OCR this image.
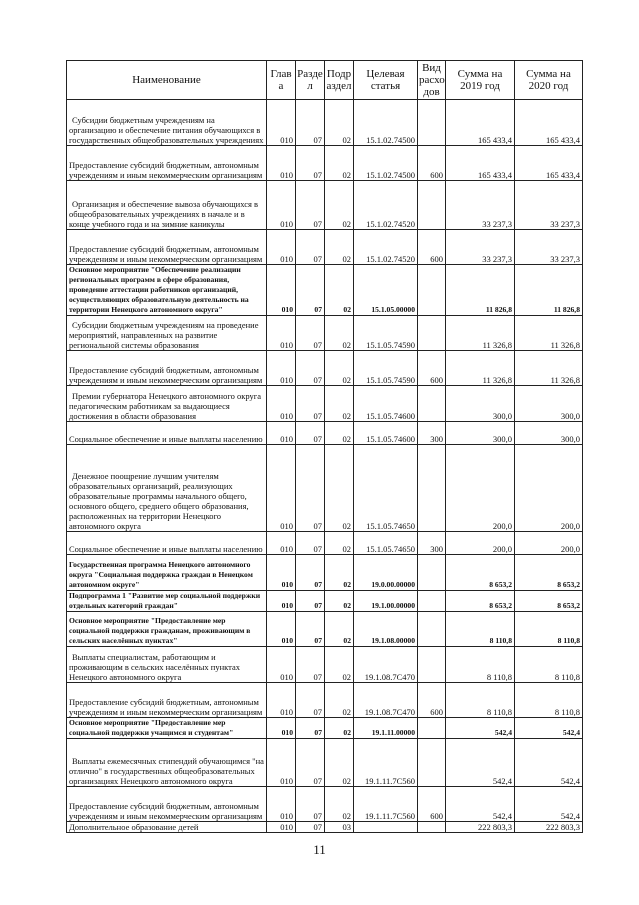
Наименование	Глав а	Разде л	Подр аздел	Целевая статья	Вид расхо дов	Сумма на 2019 год	Сумма на 2020 год

Субсидии бюджетным учреждениям на организацию и обеспечение питания обучающихся в государственных общеобразовательных учреждениях	010	07	02	15.1.02.74500		165 433,4	165 433,4
Предоставление субсидий бюджетным, автономным учреждениям и иным некоммерческим организациям	010	07	02	15.1.02.74500	600	165 433,4	165 433,4

Организация и обеспечение вывоза обучающихся в общеобразовательных учреждениях в начале и в конце учебного года и на зимние каникулы	010	07	02	15.1.02.74520		33 237,3	33 237,3
Предоставление субсидий бюджетным, автономным учреждениям и иным некоммерческим организациям	010	07	02	15.1.02.74520	600	33 237,3	33 237,3
Основное мероприятие "Обеспечение реализации региональных программ в сфере образования, проведение аттестации работников организаций, осуществляющих образовательную деятельность на территории Ненецкого автономного округа"	010	07	02	15.1.05.00000		11 826,8	11 826,8

Субсидии бюджетным учреждениям на проведение мероприятий, направленных на развитие региональной системы образования	010	07	02	15.1.05.74590		11 326,8	11 326,8
Предоставление субсидий бюджетным, автономным учреждениям и иным некоммерческим организациям	010	07	02	15.1.05.74590	600	11 326,8	11 326,8

Премии губернатора Ненецкого автономного округа педагогическим работникам за выдающиеся достижения в области образования	010	07	02	15.1.05.74600		300,0	300,0
Социальное обеспечение и иные выплаты населению	010	07	02	15.1.05.74600	300	300,0	300,0

Денежное поощрение лучшим учителям образовательных организаций, реализующих образовательные программы начального общего, основного общего, среднего общего образования, расположенных на территории Ненецкого автономного округа	010	07	02	15.1.05.74650		200,0	200,0
Социальное обеспечение и иные выплаты населению	010	07	02	15.1.05.74650	300	200,0	200,0
Государственная программа Ненецкого автономного округа "Социальная поддержка граждан в Ненецком автономном округе"	010	07	02	19.0.00.00000		8 653,2	8 653,2
Подпрограмма 1 "Развитие мер социальной поддержки отдельных категорий граждан"	010	07	02	19.1.00.00000		8 653,2	8 653,2
Основное мероприятие "Предоставление мер социальной поддержки гражданам, проживающим в сельских населённых пунктах"	010	07	02	19.1.08.00000		8 110,8	8 110,8

Выплаты специалистам, работающим и проживающим в сельских населённых пунктах Ненецкого автономного округа	010	07	02	19.1.08.7С470		8 110,8	8 110,8
Предоставление субсидий бюджетным, автономным учреждениям и иным некоммерческим организациям	010	07	02	19.1.08.7С470	600	8 110,8	8 110,8
Основное мероприятие "Предоставление мер социальной поддержки учащимся и студентам"	010	07	02	19.1.11.00000		542,4	542,4

Выплаты ежемесячных стипендий обучающимся "на отлично" в государственных общеобразовательных организациях Ненецкого автономного округа	010	07	02	19.1.11.7С560		542,4	542,4
Предоставление субсидий бюджетным, автономным учреждениям и иным некоммерческим организациям	010	07	02	19.1.11.7С560	600	542,4	542,4
Дополнительное образование детей	010	07	03			222 803,3	222 803,3
11
